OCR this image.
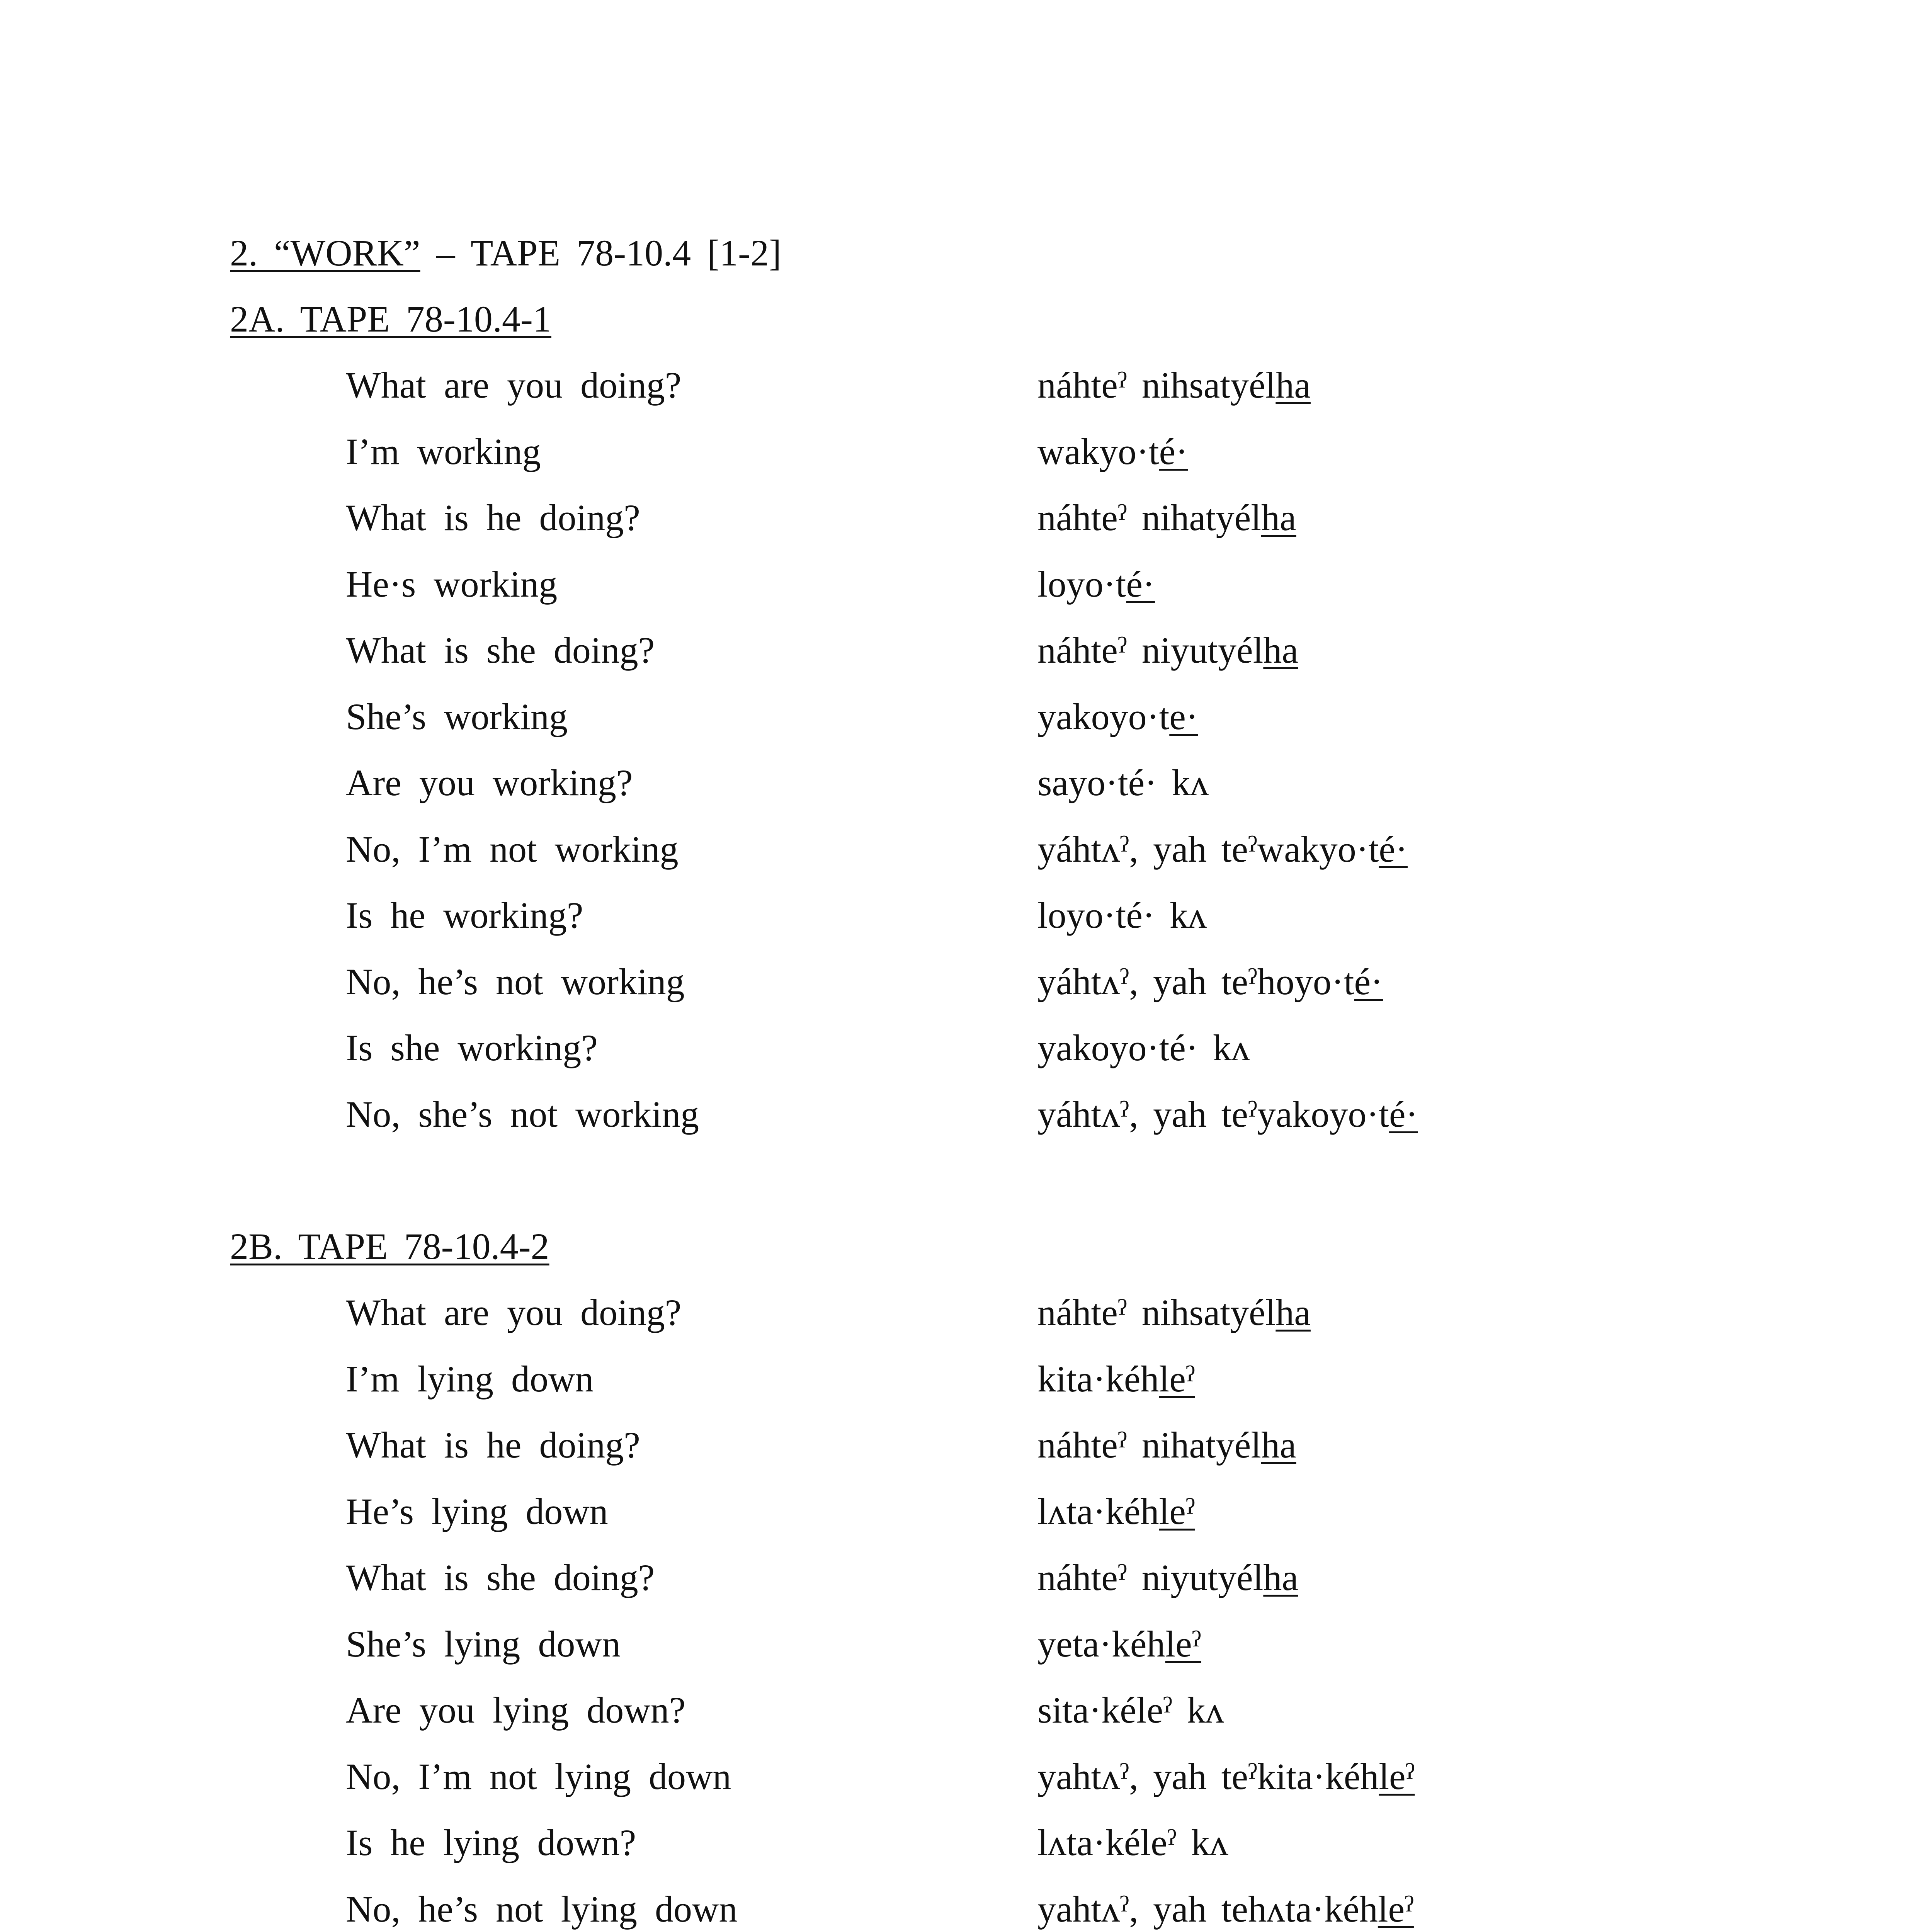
2. “WORK” – TAPE 78-10.4 [1-2]
2A. TAPE 78-10.4-1
What are you doing?	náhteˀ nihsatyélha
I’m working	wakyo·té·
What is he doing?	náhteˀ nihatyélha
He·s working	loyo·té·
What is she doing?	náhteˀ niyutyélha
She’s working	yakoyo·te·
Are you working?	sayo·té· kʌ
No, I’m not working	yáhtʌˀ, yah teˀwakyo·té·
Is he working?	loyo·té· kʌ
No, he’s not working	yáhtʌˀ, yah teˀhoyo·té·
Is she working?	yakoyo·té· kʌ
No, she’s not working	yáhtʌˀ, yah teˀyakoyo·té·
2B. TAPE 78-10.4-2
What are you doing?	náhteˀ nihsatyélha
I’m lying down	kita·kéhleˀ
What is he doing?	náhteˀ nihatyélha
He’s lying down	lʌta·kéhleˀ
What is she doing?	náhteˀ niyutyélha
She’s lying down	yeta·kéhleˀ
Are you lying down?	sita·kéleˀ kʌ
No, I’m not lying down	yahtʌˀ, yah teˀkita·kéhleˀ
Is he lying down?	lʌta·kéleˀ kʌ
No, he’s not lying down	yahtʌˀ, yah tehʌta·kéhleˀ
